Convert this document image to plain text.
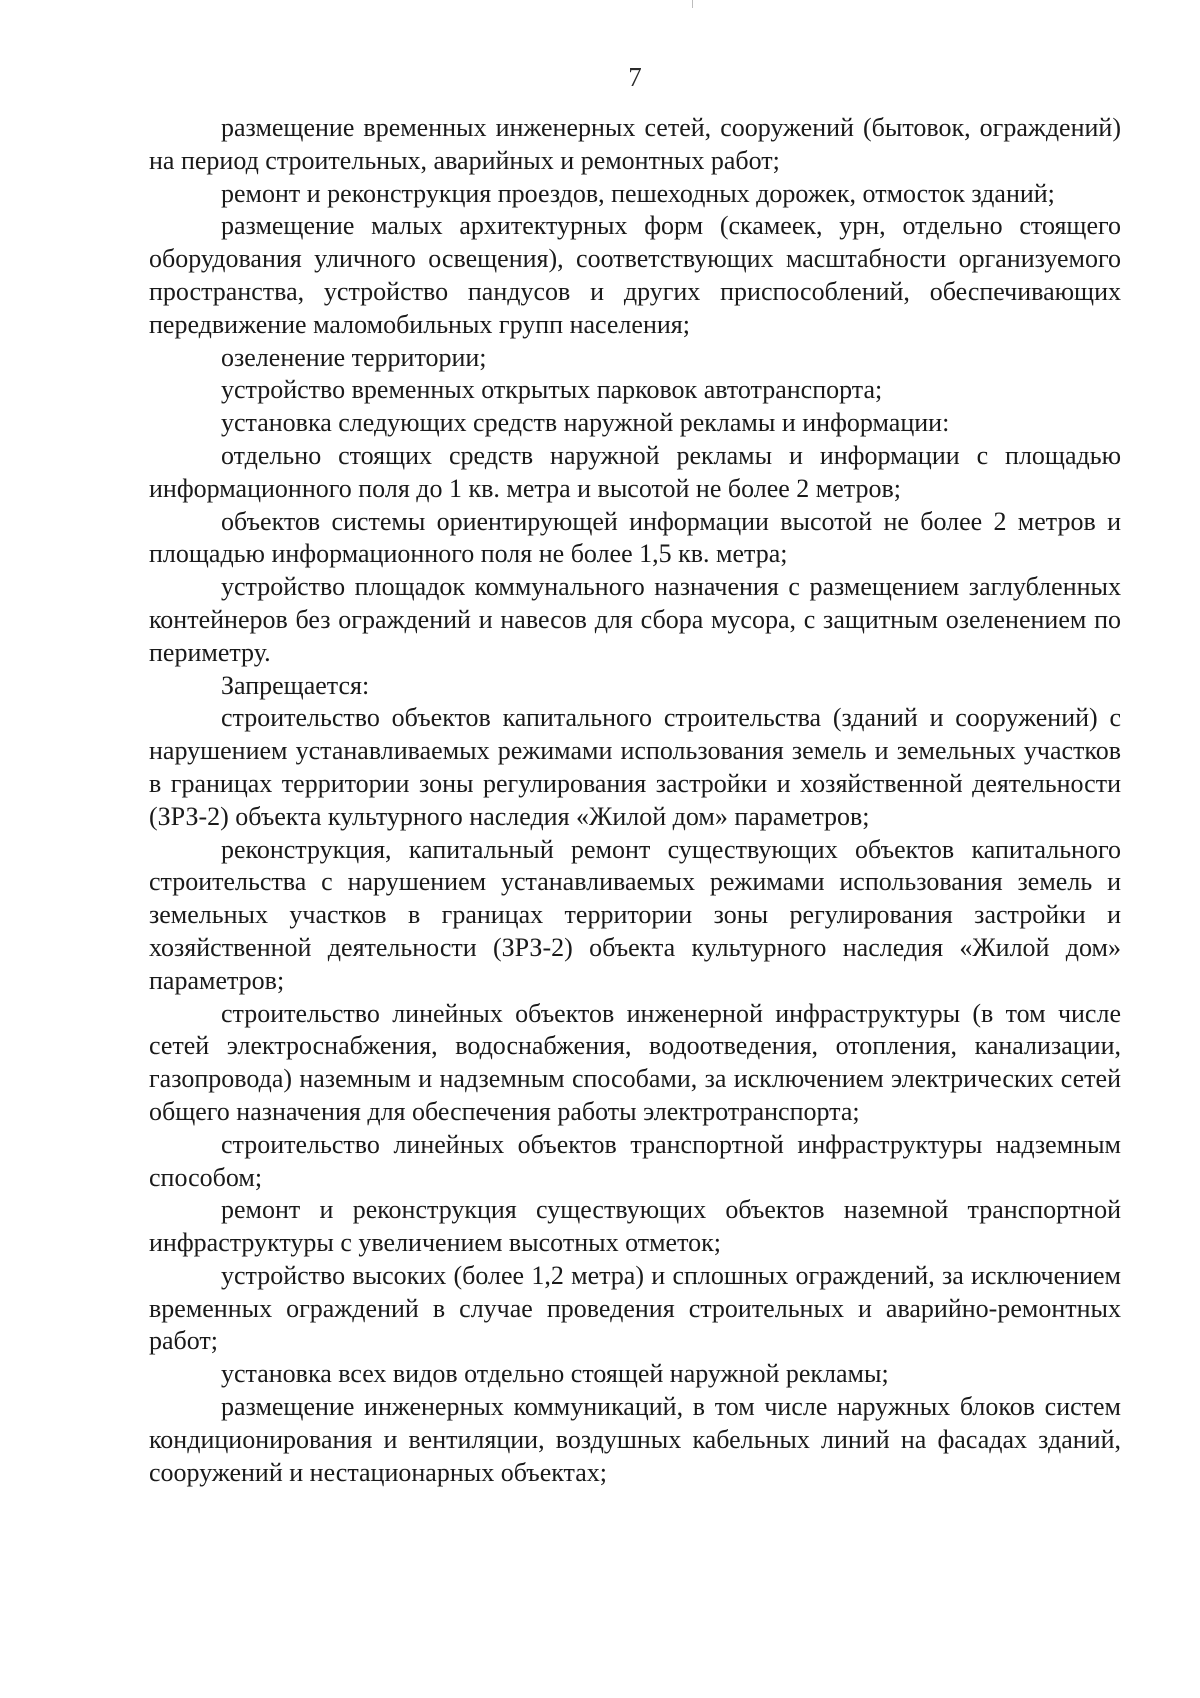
7

размещение временных инженерных сетей, сооружений (бытовок, ограждений) на период строительных, аварийных и ремонтных работ;

ремонт и реконструкция проездов, пешеходных дорожек, отмосток зданий;

размещение малых архитектурных форм (скамеек, урн, отдельно стоящего оборудования уличного освещения), соответствующих масштабности организуемого пространства, устройство пандусов и других приспособлений, обеспечивающих передвижение маломобильных групп населения;

озеленение территории;

устройство временных открытых парковок автотранспорта;

установка следующих средств наружной рекламы и информации:

отдельно стоящих средств наружной рекламы и информации с площадью информационного поля до 1 кв. метра и высотой не более 2 метров;

объектов системы ориентирующей информации высотой не более 2 метров и площадью информационного поля не более 1,5 кв. метра;

устройство площадок коммунального назначения с размещением заглубленных контейнеров без ограждений и навесов для сбора мусора, с защитным озеленением по периметру.

Запрещается:

строительство объектов капитального строительства (зданий и сооружений) с нарушением устанавливаемых режимами использования земель и земельных участков в границах территории зоны регулирования застройки и хозяйственной деятельности (ЗРЗ-2) объекта культурного наследия «Жилой дом» параметров;

реконструкция, капитальный ремонт существующих объектов капитального строительства с нарушением устанавливаемых режимами использования земель и земельных участков в границах территории зоны регулирования застройки и хозяйственной деятельности (ЗРЗ-2) объекта культурного наследия «Жилой дом» параметров;

строительство линейных объектов инженерной инфраструктуры (в том числе сетей электроснабжения, водоснабжения, водоотведения, отопления, канализации, газопровода) наземным и надземным способами, за исключением электрических сетей общего назначения для обеспечения работы электротранспорта;

строительство линейных объектов транспортной инфраструктуры надземным способом;

ремонт и реконструкция существующих объектов наземной транспортной инфраструктуры с увеличением высотных отметок;

устройство высоких (более 1,2 метра) и сплошных ограждений, за исключением временных ограждений в случае проведения строительных и аварийно-ремонтных работ;

установка всех видов отдельно стоящей наружной рекламы;

размещение инженерных коммуникаций, в том числе наружных блоков систем кондиционирования и вентиляции, воздушных кабельных линий на фасадах зданий, сооружений и нестационарных объектах;
